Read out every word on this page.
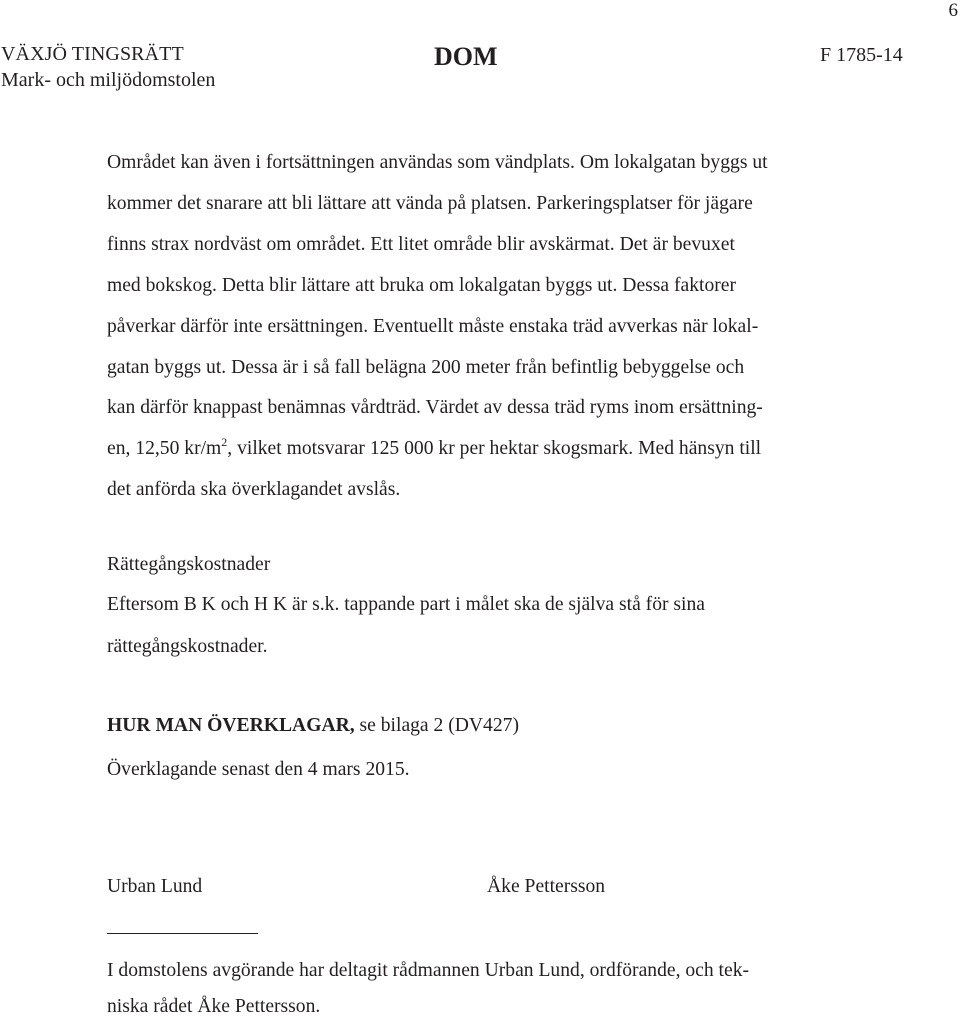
6
VÄXJÖ TINGSRÄTT
Mark- och miljödomstolen
DOM	F 1785-14
Området kan även i fortsättningen användas som vändplats. Om lokalgatan byggs ut
kommer det snarare att bli lättare att vända på platsen. Parkeringsplatser för jägare
finns strax nordväst om området. Ett litet område blir avskärmat. Det är bevuxet
med bokskog. Detta blir lättare att bruka om lokalgatan byggs ut. Dessa faktorer
påverkar därför inte ersättningen. Eventuellt måste enstaka träd avverkas när lokal-
gatan byggs ut. Dessa är i så fall belägna 200 meter från befintlig bebyggelse och
kan därför knappast benämnas vårdträd. Värdet av dessa träd ryms inom ersättning-
en, 12,50 $kr/m^2$, vilket motsvarar 125 000 kr per hektar skogsmark. Med hänsyn till
det anförda ska överklagandet avslås.
Rättegångskostnader
Eftersom B K och H K är s.k. tappande part i målet ska de själva stå för sina
rättegångskostnader.
HUR MAN ÖVERKLAGAR, se bilaga 2 (DV427)
Överklagande senast den 4 mars 2015.
Urban Lund	Åke Pettersson
I domstolens avgörande har deltagit rådmannen Urban Lund, ordförande, och tek-
niska rådet Åke Pettersson.
